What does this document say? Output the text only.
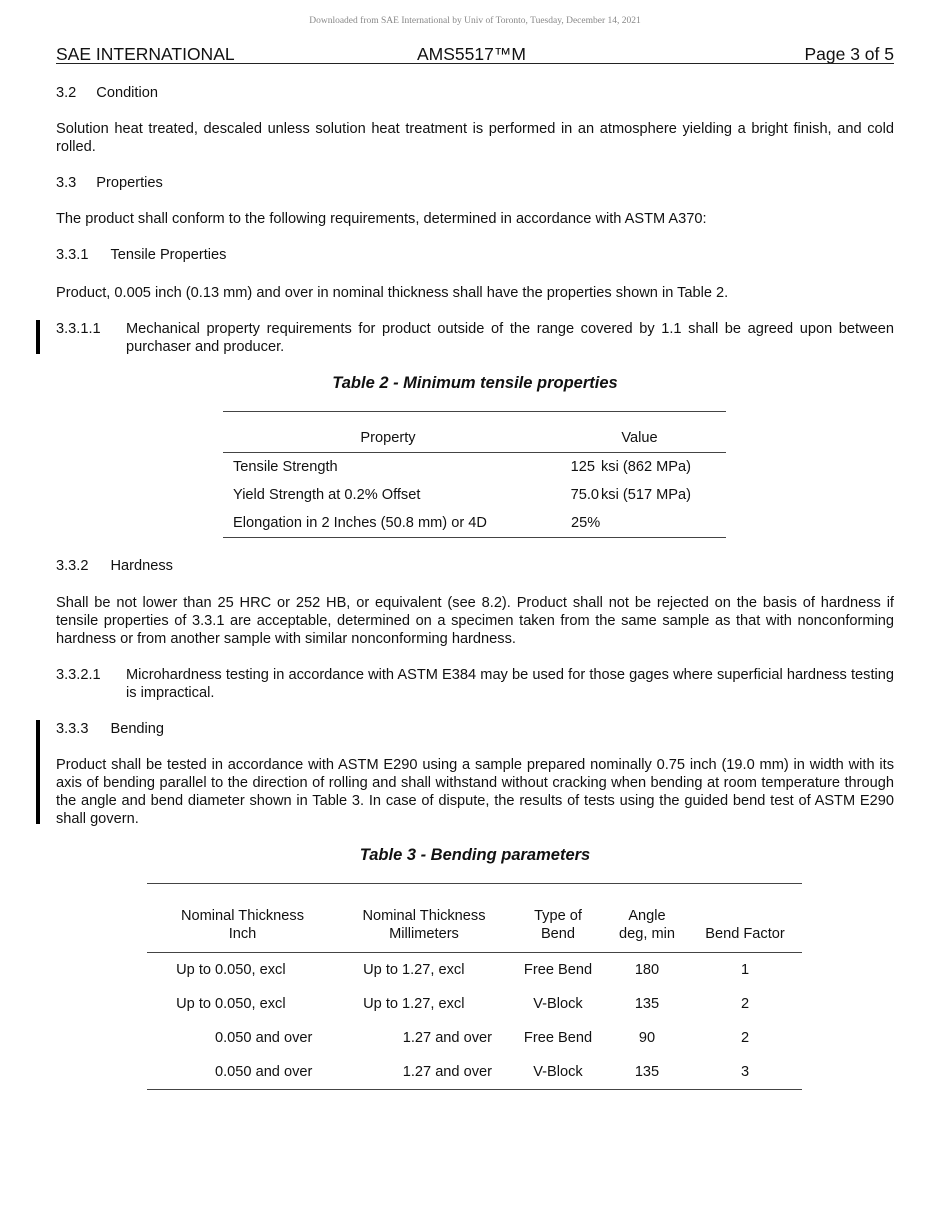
Downloaded from SAE International by Univ of Toronto, Tuesday, December 14, 2021
SAE INTERNATIONAL	AMS5517™M	Page 3 of 5
3.2 Condition
Solution heat treated, descaled unless solution heat treatment is performed in an atmosphere yielding a bright finish, and cold rolled.
3.3 Properties
The product shall conform to the following requirements, determined in accordance with ASTM A370:
3.3.1 Tensile Properties
Product, 0.005 inch (0.13 mm) and over in nominal thickness shall have the properties shown in Table 2.
3.3.1.1 Mechanical property requirements for product outside of the range covered by 1.1 shall be agreed upon between purchaser and producer.
Table 2 - Minimum tensile properties

Property	Value	
Tensile Strength	125	ksi (862 MPa)
Yield Strength at 0.2% Offset	75.0	ksi (517 MPa)
Elongation in 2 Inches (50.8 mm) or 4D	25%	
3.3.2 Hardness
Shall be not lower than 25 HRC or 252 HB, or equivalent (see 8.2). Product shall not be rejected on the basis of hardness if tensile properties of 3.3.1 are acceptable, determined on a specimen taken from the same sample as that with nonconforming hardness or from another sample with similar nonconforming hardness.
3.3.2.1 Microhardness testing in accordance with ASTM E384 may be used for those gages where superficial hardness testing is impractical.
3.3.3 Bending
Product shall be tested in accordance with ASTM E290 using a sample prepared nominally 0.75 inch (19.0 mm) in width with its axis of bending parallel to the direction of rolling and shall withstand without cracking when bending at room temperature through the angle and bend diameter shown in Table 3. In case of dispute, the results of tests using the guided bend test of ASTM E290 shall govern.
Table 3 - Bending parameters

Nominal Thickness		Nominal Thickness		Type of	Angle	
Inch		Millimeters		Bend	deg, min	Bend Factor
Up to	0.050, excl	Up to	1.27, excl	Free Bend	180	1
Up to	0.050, excl	Up to	1.27, excl	V-Block	135	2
	0.050 and over		1.27 and over	Free Bend	90	2
	0.050 and over		1.27 and over	V-Block	135	3
